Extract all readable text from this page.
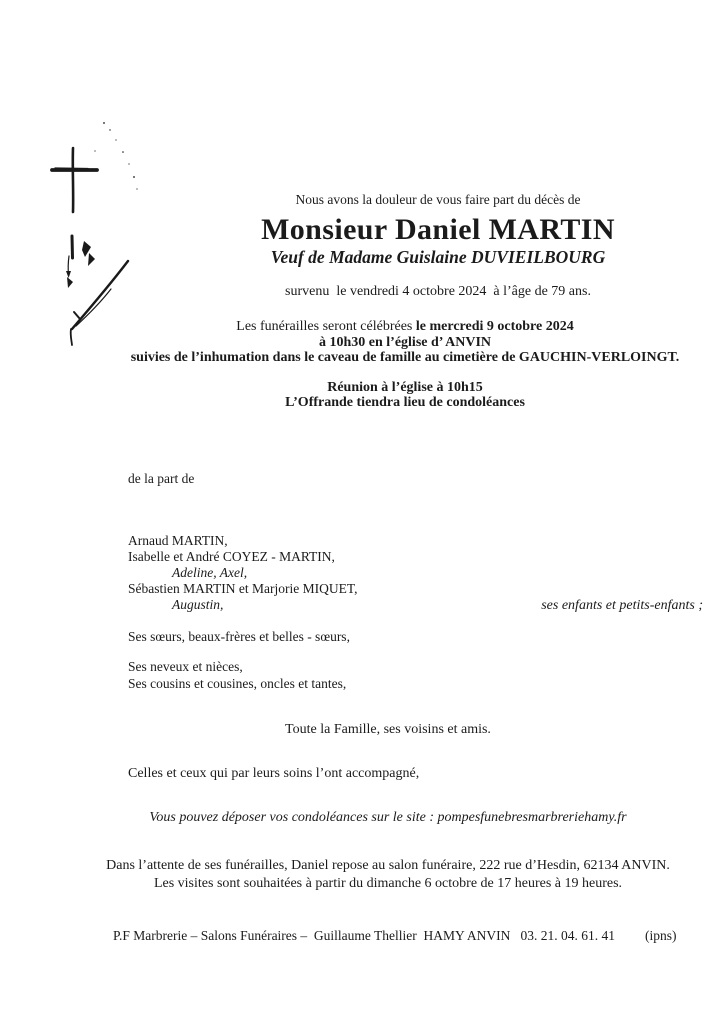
Nous avons la douleur de vous faire part du décès de
Monsieur Daniel MARTIN
Veuf de Madame Guislaine DUVIEILBOURG
survenu  le vendredi 4 octobre 2024  à l’âge de 79 ans.
Les funérailles seront célébrées le mercredi 9 octobre 2024
à 10h30 en l’église d’ ANVIN
suivies de l’inhumation dans le caveau de famille au cimetière de GAUCHIN-VERLOINGT.
Réunion à l’église à 10h15
L’Offrande tiendra lieu de condoléances
de la part de
Arnaud MARTIN,
Isabelle et André COYEZ - MARTIN,
Adeline, Axel,
Sébastien MARTIN et Marjorie MIQUET,
Augustin,	ses enfants et petits-enfants ;
Ses sœurs, beaux-frères et belles - sœurs,
Ses neveux et nièces,
Ses cousins et cousines, oncles et tantes,
Toute la Famille, ses voisins et amis.
Celles et ceux qui par leurs soins l’ont accompagné,
Vous pouvez déposer vos condoléances sur le site : pompesfunebresmarbreriehamy.fr
Dans l’attente de ses funérailles, Daniel repose au salon funéraire, 222 rue d’Hesdin, 62134 ANVIN.
Les visites sont souhaitées à partir du dimanche 6 octobre de 17 heures à 19 heures.

P.F Marbrerie – Salons Funéraires –  Guillaume Thellier  HAMY ANVIN   03. 21. 04. 61. 41 (ipns)
